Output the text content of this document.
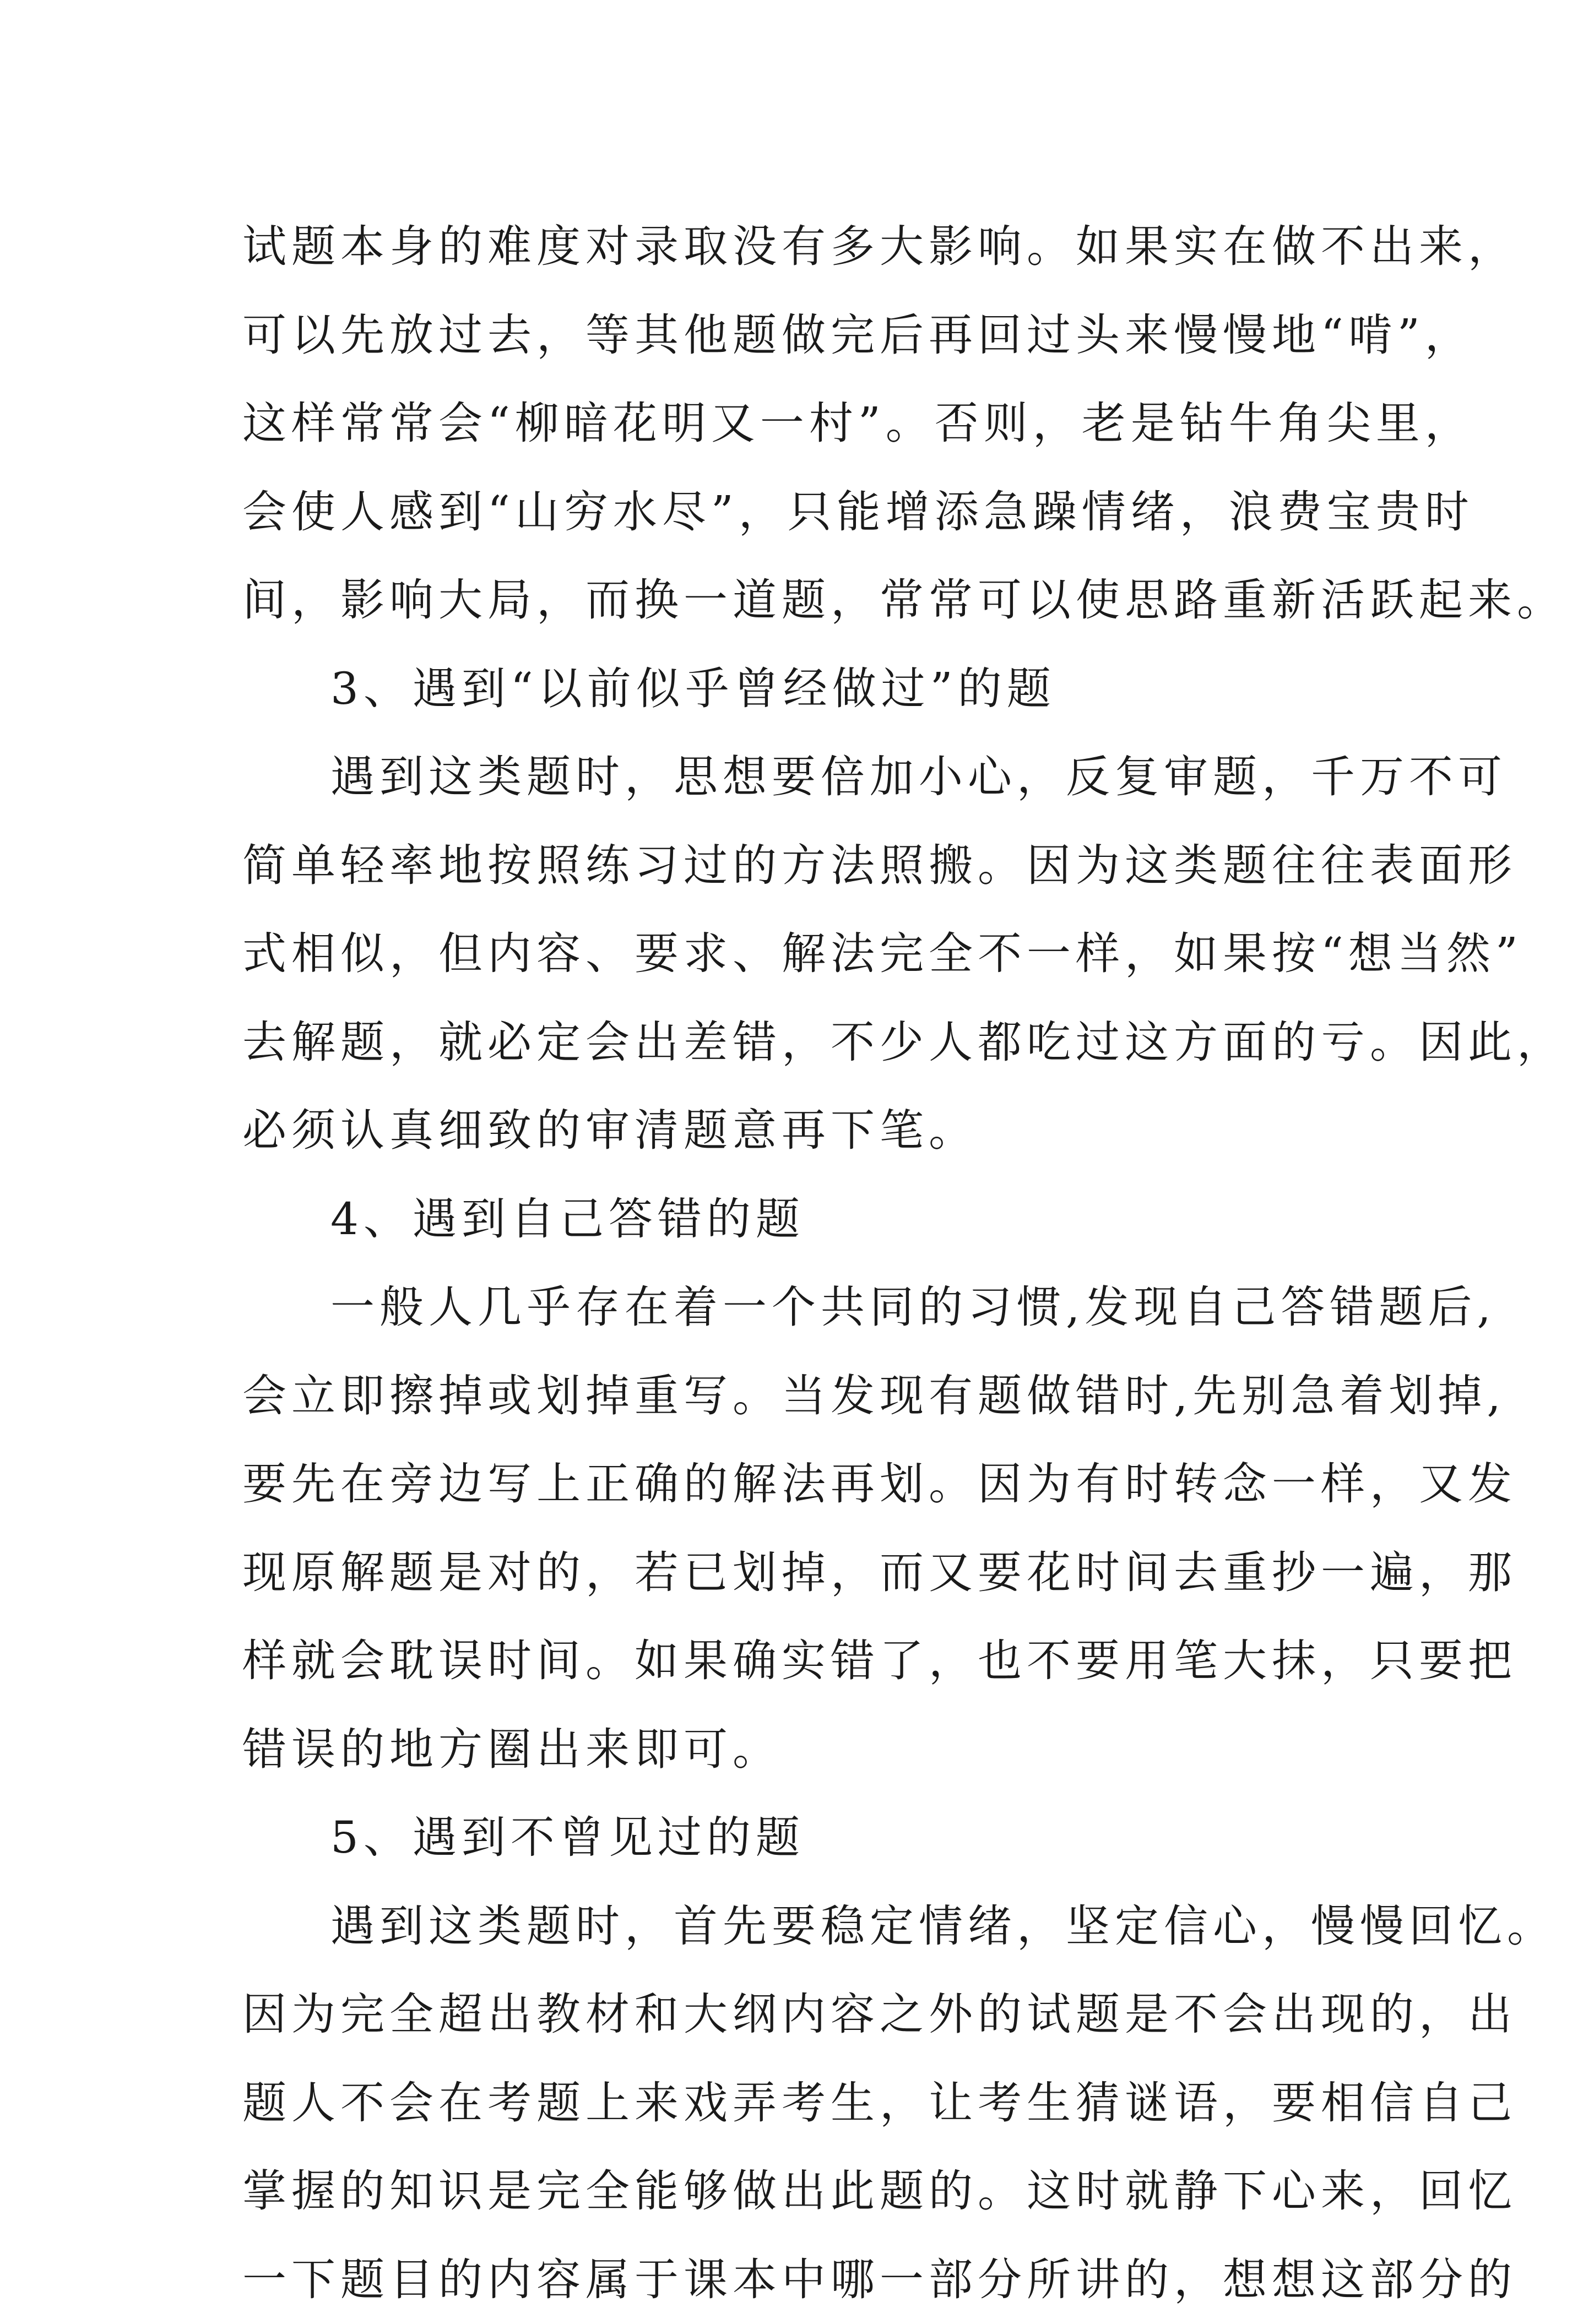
试题本身的难度对录取没有多大影响。如果实在做不出来，
可以先放过去，等其他题做完后再回过头来慢慢地“啃”，
这样常常会“柳暗花明又一村”。否则，老是钻牛角尖里，
会使人感到“山穷水尽”，只能增添急躁情绪，浪费宝贵时
间，影响大局，而换一道题，常常可以使思路重新活跃起来。
3、遇到“以前似乎曾经做过”的题
遇到这类题时，思想要倍加小心，反复审题，千万不可
简单轻率地按照练习过的方法照搬。因为这类题往往表面形
式相似，但内容、要求、解法完全不一样，如果按“想当然”
去解题，就必定会出差错，不少人都吃过这方面的亏。因此，
必须认真细致的审清题意再下笔。
4、遇到自己答错的题
一般人几乎存在着一个共同的习惯,发现自己答错题后,
会立即擦掉或划掉重写。当发现有题做错时,先别急着划掉,
要先在旁边写上正确的解法再划。因为有时转念一样，又发
现原解题是对的，若已划掉，而又要花时间去重抄一遍，那
样就会耽误时间。如果确实错了，也不要用笔大抹，只要把
错误的地方圈出来即可。
5、遇到不曾见过的题
遇到这类题时，首先要稳定情绪，坚定信心，慢慢回忆。
因为完全超出教材和大纲内容之外的试题是不会出现的，出
题人不会在考题上来戏弄考生，让考生猜谜语，要相信自己
掌握的知识是完全能够做出此题的。这时就静下心来，回忆
一下题目的内容属于课本中哪一部分所讲的，想想这部分的
